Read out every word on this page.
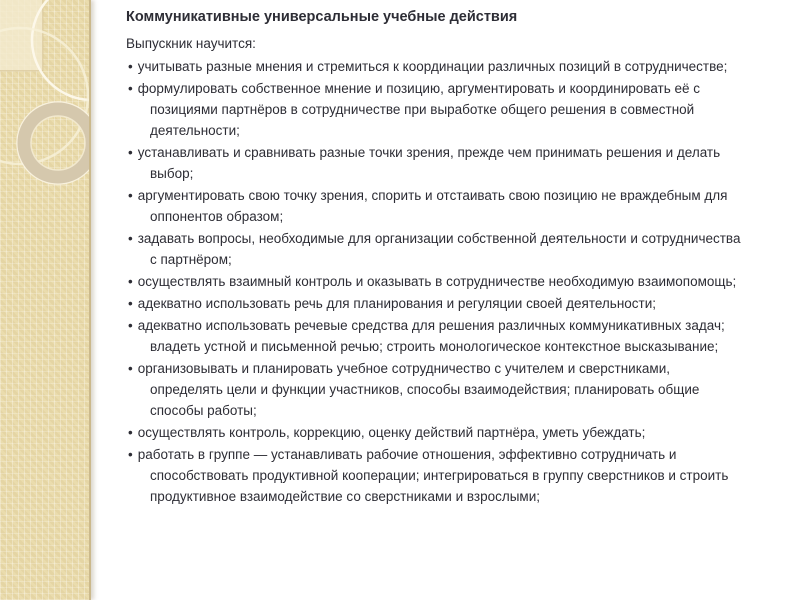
Коммуникативные универсальные учебные действия

Выпускник научится:

• учитывать разные мнения и стремиться к координации различных позиций в сотрудничестве;
• формулировать собственное мнение и позицию, аргументировать и координировать её с позициями партнёров в сотрудничестве при выработке общего решения в совместной деятельности;
• устанавливать и сравнивать разные точки зрения, прежде чем принимать решения и делать выбор;
• аргументировать свою точку зрения, спорить и отстаивать свою позицию не враждебным для оппонентов образом;
• задавать вопросы, необходимые для организации собственной деятельности и сотрудничества с партнёром;
• осуществлять взаимный контроль и оказывать в сотрудничестве необходимую взаимопомощь;
• адекватно использовать речь для планирования и регуляции своей деятельности;
• адекватно использовать речевые средства для решения различных коммуникативных задач; владеть устной и письменной речью; строить монологическое контекстное высказывание;
• организовывать и планировать учебное сотрудничество с учителем и сверстниками, определять цели и функции участников, способы взаимодействия; планировать общие способы работы;
• осуществлять контроль, коррекцию, оценку действий партнёра, уметь убеждать;
• работать в группе — устанавливать рабочие отношения, эффективно сотрудничать и способствовать продуктивной кооперации; интегрироваться в группу сверстников и строить продуктивное взаимодействие со сверстниками и взрослыми;
